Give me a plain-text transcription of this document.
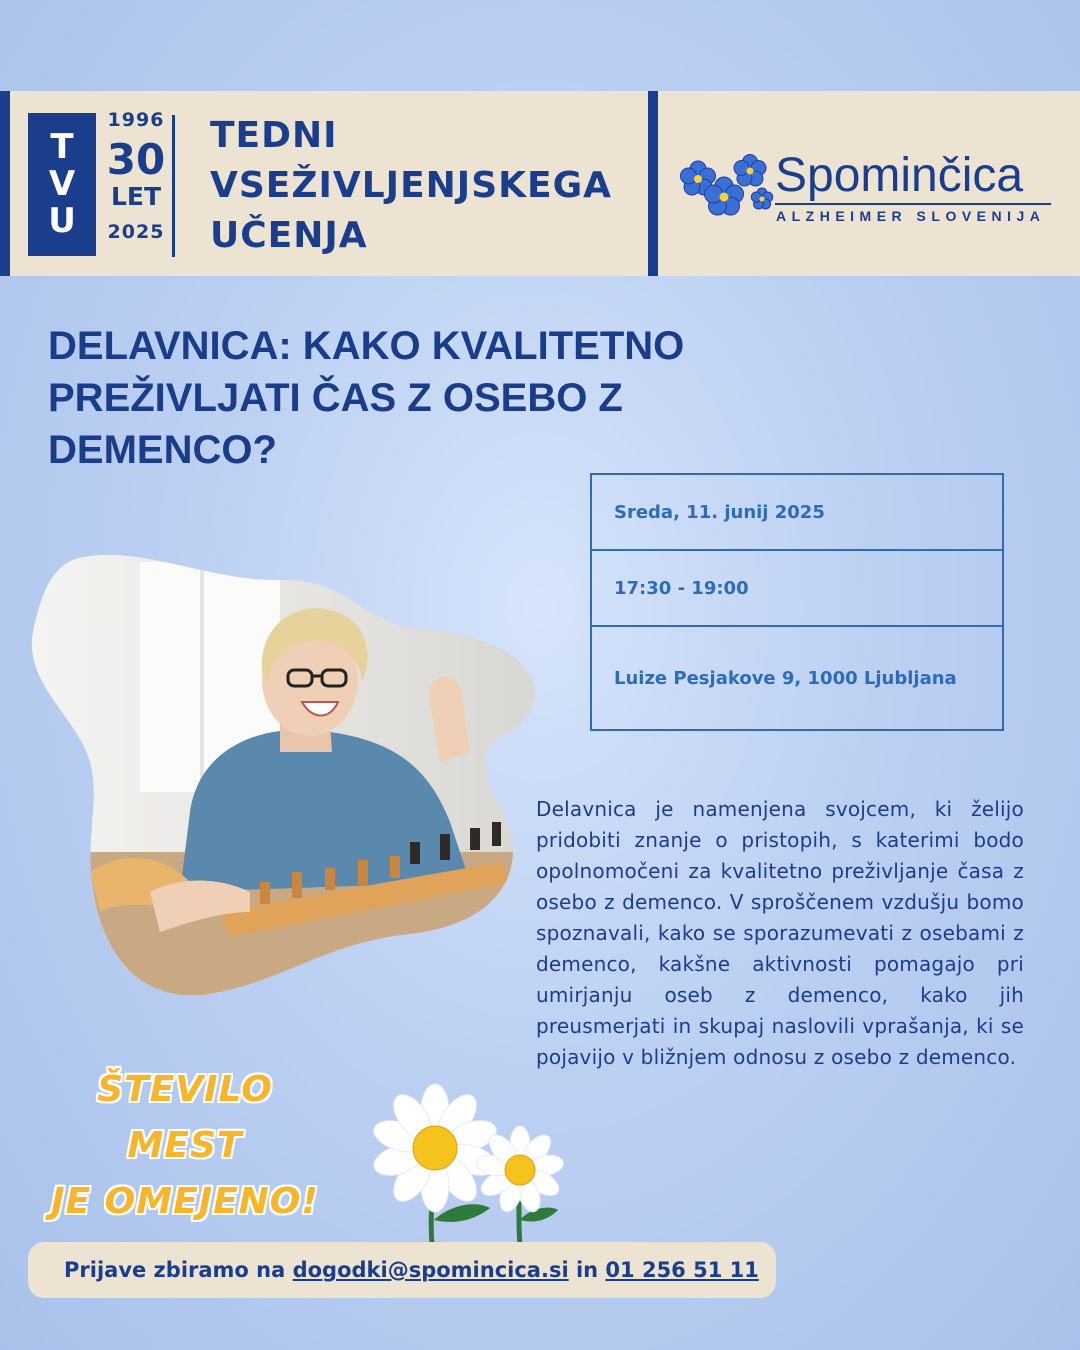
T
V
U
1996
30
LET
2025
TEDNI
VSEŽIVLJENJSKEGA
UČENJA
Spominčica
ALZHEIMER SLOVENIJA
DELAVNICA: KAKO KVALITETNO PREŽIVLJATI ČAS Z OSEBO Z DEMENCO?
Sreda, 11. junij 2025
17:30 - 19:00
Luize Pesjakove 9, 1000 Ljubljana

Delavnica je namenjena svojcem, ki želijo pridobiti znanje o pristopih, s katerimi bodo opolnomočeni za kvalitetno preživljanje časa z osebo z demenco. V sproščenem vzdušju bomo spoznavali, kako se sporazumevati z osebami z demenco, kakšne aktivnosti pomagajo pri umirjanju oseb z demenco, kako jih preusmerjati in skupaj naslovili vprašanja, ki se pojavijo v bližnjem odnosu z osebo z demenco.

ŠTEVILO MEST
JE OMEJENO!
Prijave zbiramo na
dogodki@spomincica.si
in
01 256 51 11
